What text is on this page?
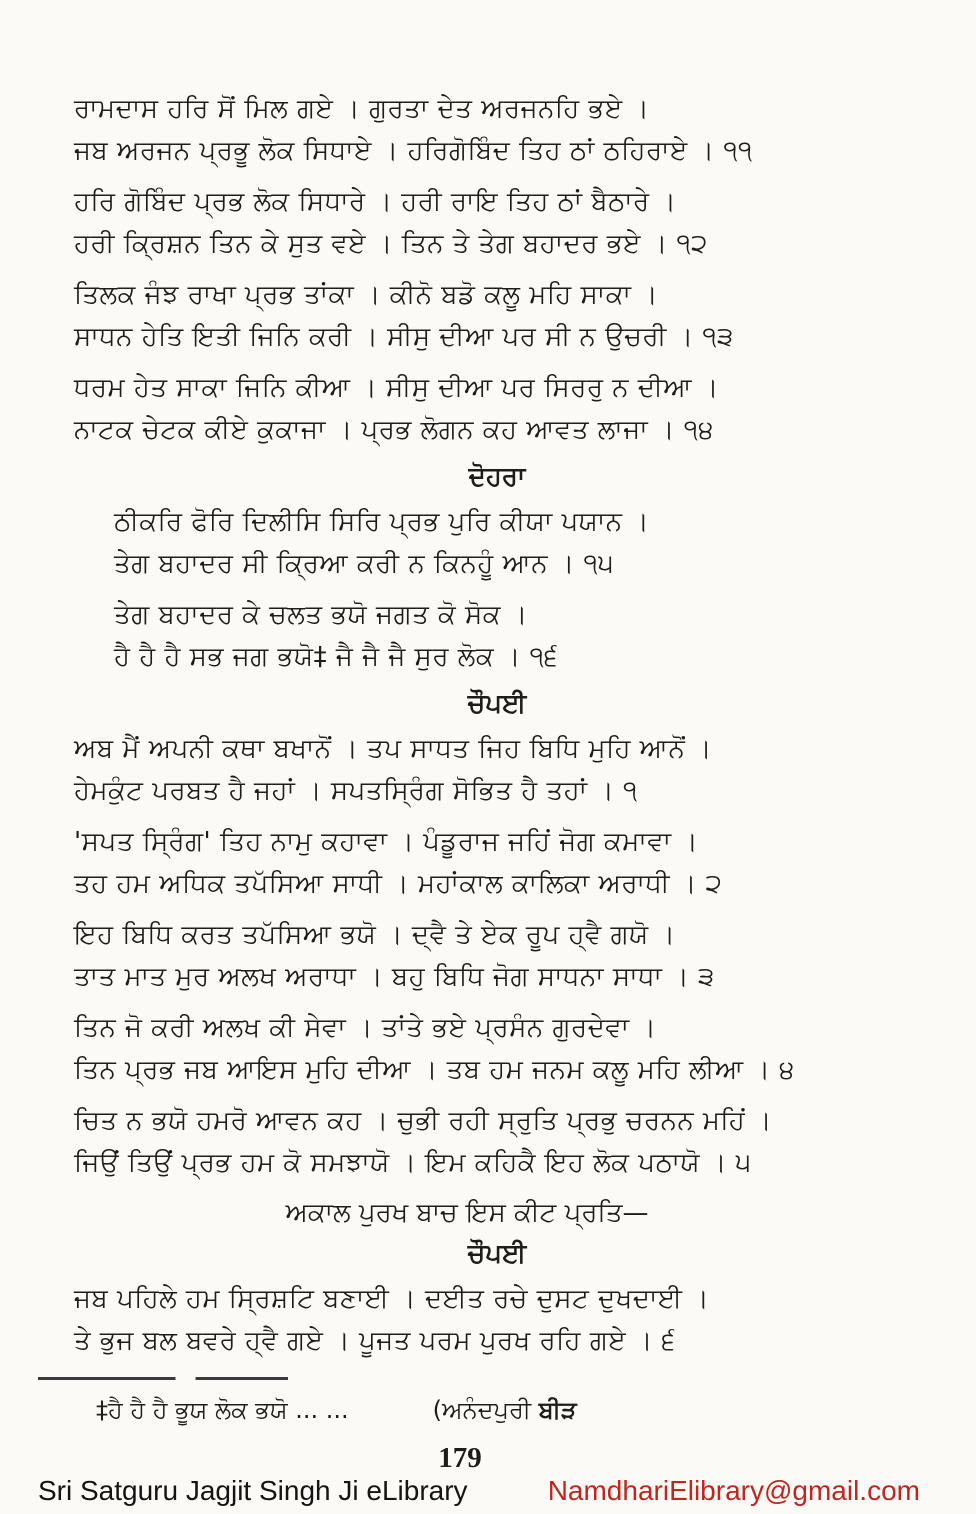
ਰਾਮਦਾਸ ਹਰਿ ਸੋਂ ਮਿਲ ਗਏ । ਗੁਰਤਾ ਦੇਤ ਅਰਜਨਹਿ ਭਏ ।

ਜਬ ਅਰਜਨ ਪ੍ਰਭੂ ਲੋਕ ਸਿਧਾਏ । ਹਰਿਗੋਬਿੰਦ ਤਿਹ ਠਾਂ ਠਹਿਰਾਏ । ੧੧

ਹਰਿ ਗੋਬਿੰਦ ਪ੍ਰਭ ਲੋਕ ਸਿਧਾਰੇ । ਹਰੀ ਰਾਇ ਤਿਹ ਠਾਂ ਬੈਠਾਰੇ ।

ਹਰੀ ਕ੍ਰਿਸ਼ਨ ਤਿਨ ਕੇ ਸੁਤ ਵਏ । ਤਿਨ ਤੇ ਤੇਗ ਬਹਾਦਰ ਭਏ । ੧੨

ਤਿਲਕ ਜੰਝ ਰਾਖਾ ਪ੍ਰਭ ਤਾਂਕਾ । ਕੀਨੋ ਬਡੋ ਕਲੂ ਮਹਿ ਸਾਕਾ ।

ਸਾਧਨ ਹੇਤਿ ਇਤੀ ਜਿਨਿ ਕਰੀ । ਸੀਸੁ ਦੀਆ ਪਰ ਸੀ ਨ ਉਚਰੀ । ੧੩

ਧਰਮ ਹੇਤ ਸਾਕਾ ਜਿਨਿ ਕੀਆ । ਸੀਸੁ ਦੀਆ ਪਰ ਸਿਰਰੁ ਨ ਦੀਆ ।

ਨਾਟਕ ਚੇਟਕ ਕੀਏ ਕੁਕਾਜਾ । ਪ੍ਰਭ ਲੋਗਨ ਕਹ ਆਵਤ ਲਾਜਾ । ੧੪

ਦੋਹਰਾ

ਠੀਕਰਿ ਫੋਰਿ ਦਿਲੀਸਿ ਸਿਰਿ ਪ੍ਰਭ ਪੁਰਿ ਕੀਯਾ ਪਯਾਨ ।

ਤੇਗ ਬਹਾਦਰ ਸੀ ਕ੍ਰਿਆ ਕਰੀ ਨ ਕਿਨਹੂੰ ਆਨ । ੧੫

ਤੇਗ ਬਹਾਦਰ ਕੇ ਚਲਤ ਭਯੋ ਜਗਤ ਕੋ ਸੋਕ ।

ਹੈ ਹੈ ਹੈ ਸਭ ਜਗ ਭਯੋ‡ ਜੈ ਜੈ ਜੈ ਸੁਰ ਲੋਕ । ੧੬

ਚੌਪਈ

ਅਬ ਮੈਂ ਅਪਨੀ ਕਥਾ ਬਖਾਨੋਂ । ਤਪ ਸਾਧਤ ਜਿਹ ਬਿਧਿ ਮੁਹਿ ਆਨੋਂ ।

ਹੇਮਕੁੰਟ ਪਰਬਤ ਹੈ ਜਹਾਂ । ਸਪਤਸ੍ਰਿੰਗ ਸੋਭਿਤ ਹੈ ਤਹਾਂ । ੧

'ਸਪਤ ਸ੍ਰਿੰਗ' ਤਿਹ ਨਾਮੁ ਕਹਾਵਾ । ਪੰਡੂਰਾਜ ਜਹਿਂ ਜੋਗ ਕਮਾਵਾ ।

ਤਹ ਹਮ ਅਧਿਕ ਤਪੱਸਿਆ ਸਾਧੀ । ਮਹਾਂਕਾਲ ਕਾਲਿਕਾ ਅਰਾਧੀ । ੨

ਇਹ ਬਿਧਿ ਕਰਤ ਤਪੱਸਿਆ ਭਯੋ । ਦ੍ਵੈ ਤੇ ਏਕ ਰੂਪ ਹ੍ਵੈ ਗਯੋ ।

ਤਾਤ ਮਾਤ ਮੁਰ ਅਲਖ ਅਰਾਧਾ । ਬਹੁ ਬਿਧਿ ਜੋਗ ਸਾਧਨਾ ਸਾਧਾ । ੩

ਤਿਨ ਜੋ ਕਰੀ ਅਲਖ ਕੀ ਸੇਵਾ । ਤਾਂਤੇ ਭਏ ਪ੍ਰਸੰਨ ਗੁਰਦੇਵਾ ।

ਤਿਨ ਪ੍ਰਭ ਜਬ ਆਇਸ ਮੁਹਿ ਦੀਆ । ਤਬ ਹਮ ਜਨਮ ਕਲੂ ਮਹਿ ਲੀਆ । ੪

ਚਿਤ ਨ ਭਯੋ ਹਮਰੋ ਆਵਨ ਕਹ । ਚੁਭੀ ਰਹੀ ਸ੍ਰੁਤਿ ਪ੍ਰਭੁ ਚਰਨਨ ਮਹਿਂ ।

ਜਿਉਂ ਤਿਉਂ ਪ੍ਰਭ ਹਮ ਕੋ ਸਮਝਾਯੋ । ਇਮ ਕਹਿਕੈ ਇਹ ਲੋਕ ਪਠਾਯੋ । ੫

ਅਕਾਲ ਪੁਰਖ ਬਾਚ ਇਸ ਕੀਟ ਪ੍ਰਤਿ—

ਚੌਪਈ

ਜਬ ਪਹਿਲੇ ਹਮ ਸ੍ਰਿਸ਼ਟਿ ਬਣਾਈ । ਦਈਤ ਰਚੇ ਦੁਸਟ ਦੁਖਦਾਈ ।

ਤੇ ਭੁਜ ਬਲ ਬਵਰੇ ਹ੍ਵੈ ਗਏ । ਪੂਜਤ ਪਰਮ ਪੁਰਖ ਰਹਿ ਗਏ । ੬

‡ਹੈ ਹੈ ਹੈ ਭੂਯ ਲੋਕ ਭਯੋ ... ...	(ਅਨੰਦਪੁਰੀ ਬੀੜ

179
Sri Satguru Jagjit Singh Ji eLibrary	NamdhariElibrary@gmail.com
